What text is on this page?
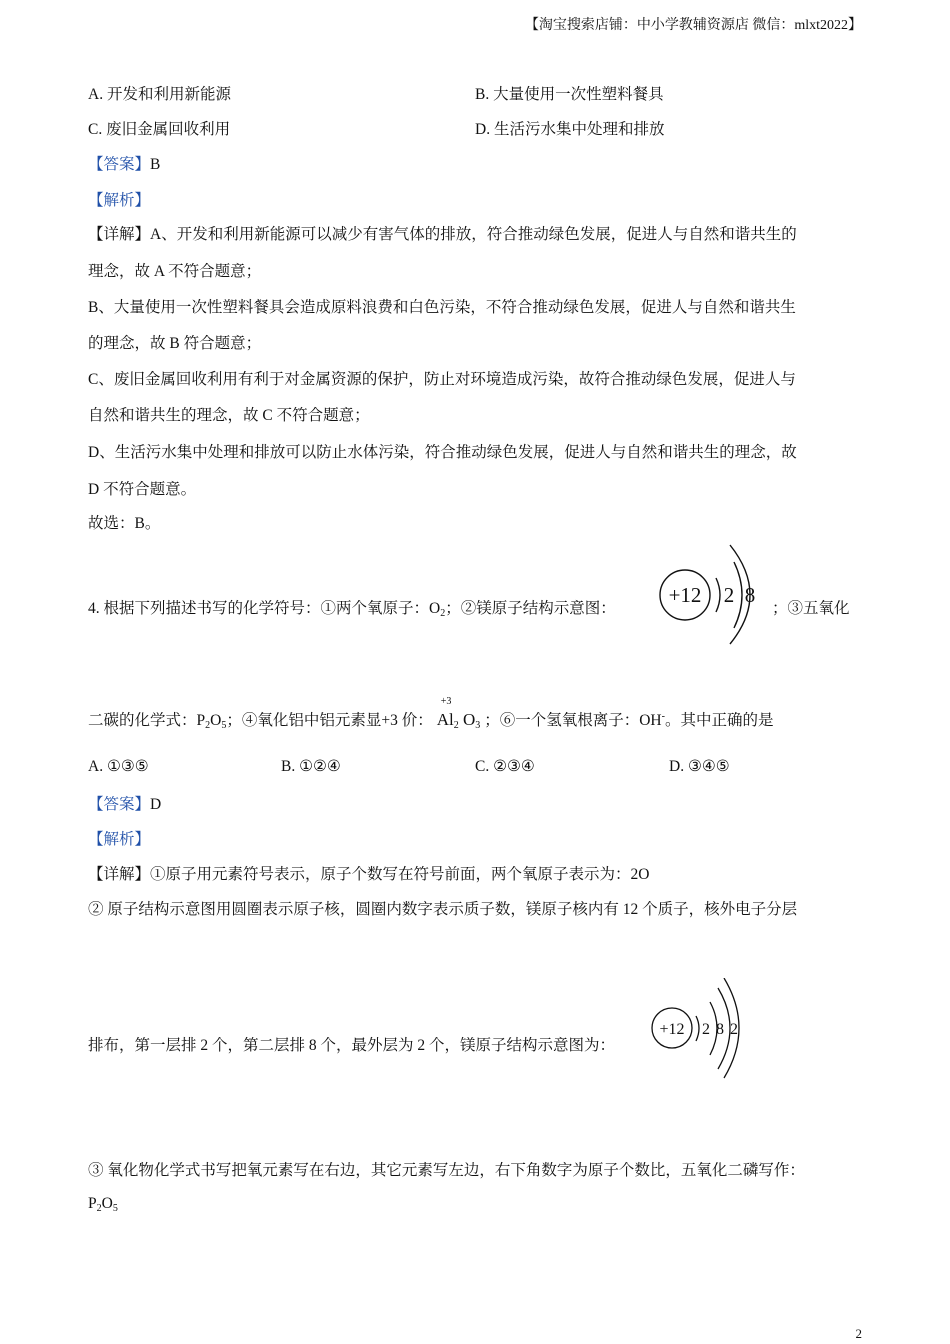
【淘宝搜索店铺：中小学教辅资源店 微信：mlxt2022】
A. 开发和利用新能源	B. 大量使用一次性塑料餐具
C. 废旧金属回收利用	D. 生活污水集中处理和排放
【答案】B
【解析】
【详解】A、开发和利用新能源可以减少有害气体的排放，符合推动绿色发展，促进人与自然和谐共生的
理念，故 A 不符合题意；
B、大量使用一次性塑料餐具会造成原料浪费和白色污染，不符合推动绿色发展，促进人与自然和谐共生
的理念，故 B 符合题意；
C、废旧金属回收利用有利于对金属资源的保护，防止对环境造成污染，故符合推动绿色发展，促进人与
自然和谐共生的理念，故 C 不符合题意；
D、生活污水集中处理和排放可以防止水体污染，符合推动绿色发展，促进人与自然和谐共生的理念，故
D 不符合题意。
故选：B。
4. 根据下列描述书写的化学符号：①两个氧原子：$O_2$；②镁原子结构示意图：
+12 2 8
；③五氧化
二碳的化学式：$P_2O_5$；④氧化铝中铝元素显+3 价：
+3
$Al_2$ $O_3$ ；⑥一个氢氧根离子：OH-。其中正确的是
A. ①③⑤	B. ①②④	C. ②③④	D. ③④⑤
【答案】D
【解析】
【详解】①原子用元素符号表示，原子个数写在符号前面，两个氧原子表示为：2O
② 原子结构示意图用圆圈表示原子核，圆圈内数字表示质子数，镁原子核内有 12 个质子，核外电子分层
排布，第一层排 2 个，第二层排 8 个，最外层为 2 个，镁原子结构示意图为：
+12 2 8 2
③ 氧化物化学式书写把氧元素写在右边，其它元素写左边，右下角数字为原子个数比，五氧化二磷写作：
$P_2O_5$
2
